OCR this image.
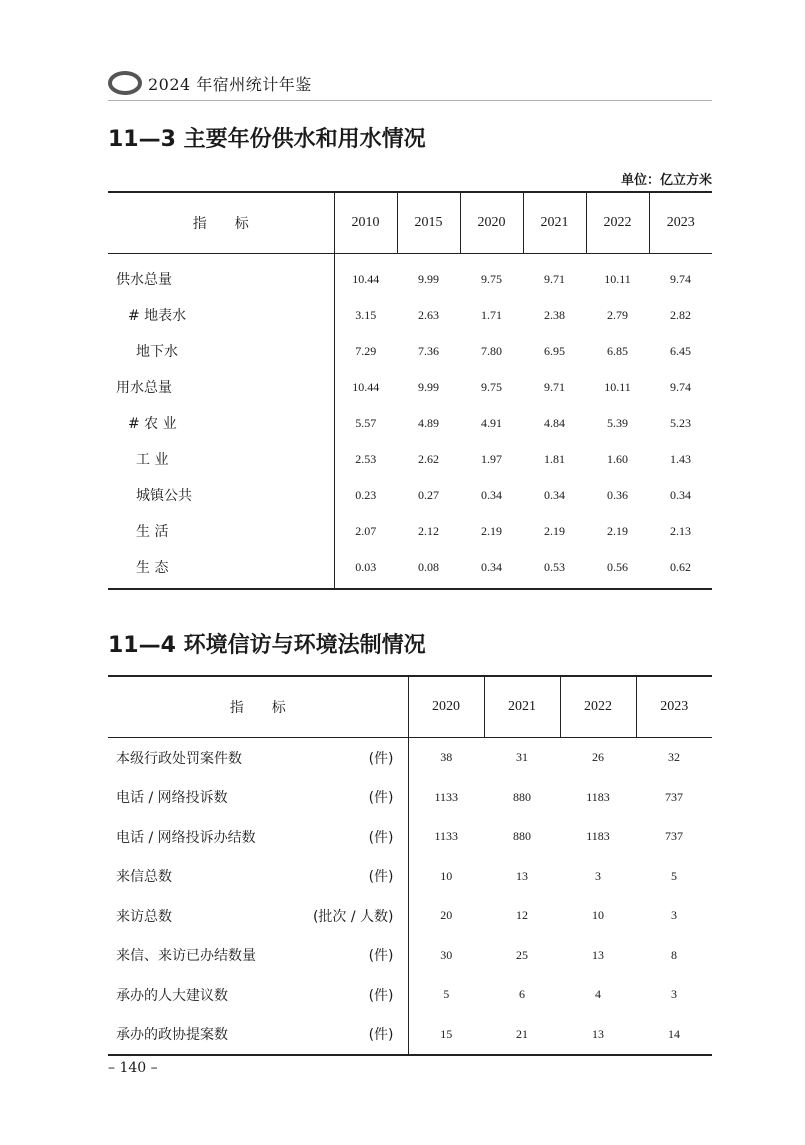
2024 年宿州统计年鉴
11—3 主要年份供水和用水情况
单位：亿立方米
指　　标	2010	2015	2020	2021	2022	2023
供水总量	10.44	9.99	9.75	9.71	10.11	9.74
# 地表水	3.15	2.63	1.71	2.38	2.79	2.82
地下水	7.29	7.36	7.80	6.95	6.85	6.45
用水总量	10.44	9.99	9.75	9.71	10.11	9.74
# 农 业	5.57	4.89	4.91	4.84	5.39	5.23
工 业	2.53	2.62	1.97	1.81	1.60	1.43
城镇公共	0.23	0.27	0.34	0.34	0.36	0.34
生 活	2.07	2.12	2.19	2.19	2.19	2.13
生 态	0.03	0.08	0.34	0.53	0.56	0.62
11—4 环境信访与环境法制情况
指　　标		2020	2021	2022	2023
本级行政处罚案件数	(件)	38	31	26	32
电话 / 网络投诉数	(件)	1133	880	1183	737
电话 / 网络投诉办结数	(件)	1133	880	1183	737
来信总数	(件)	10	13	3	5
来访总数	(批次 / 人数)	20	12	10	3
来信、来访已办结数量	(件)	30	25	13	8
承办的人大建议数	(件)	5	6	4	3
承办的政协提案数	(件)	15	21	13	14
– 140 –
